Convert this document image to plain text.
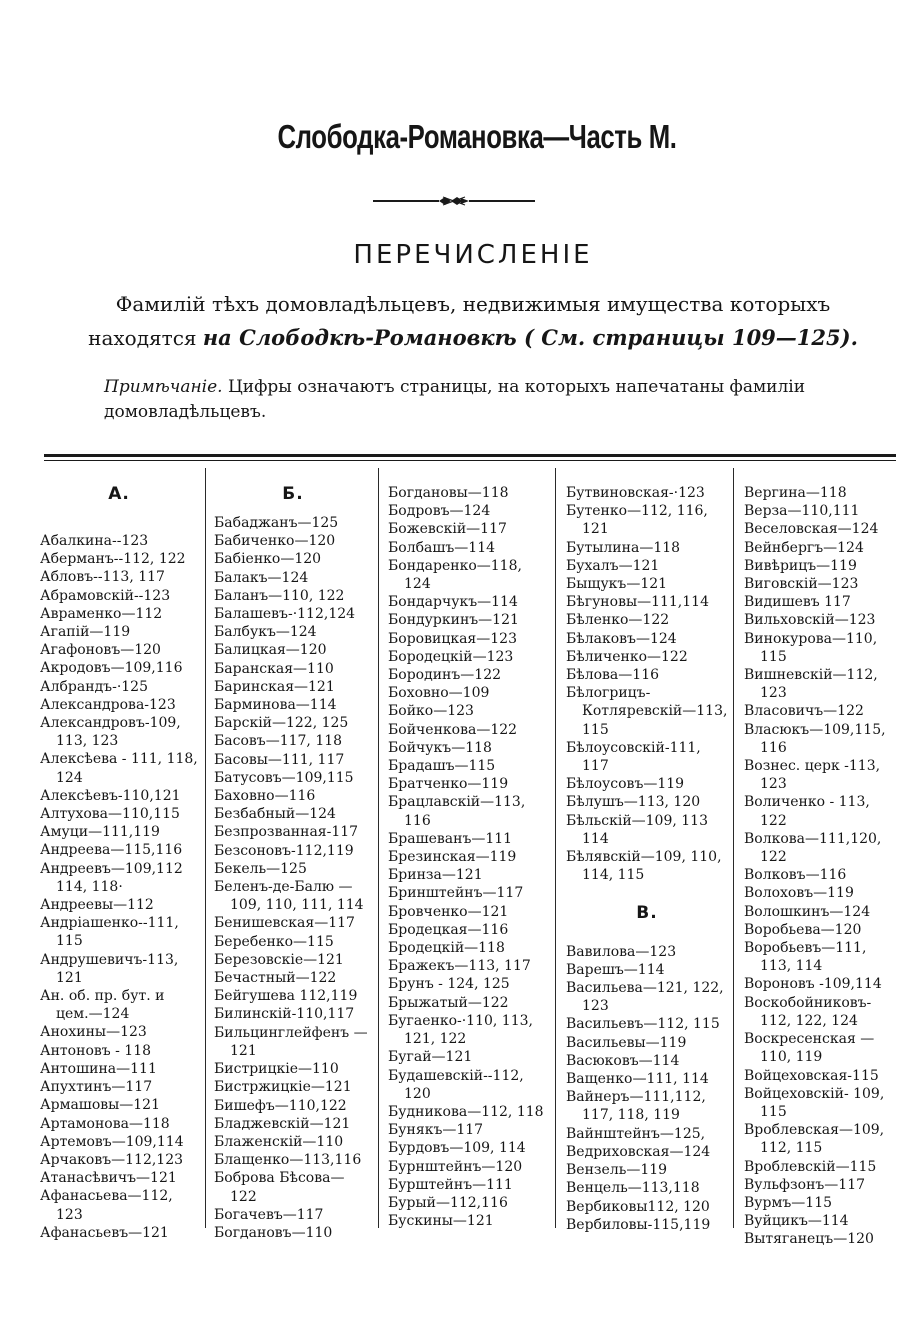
Слободка-Романовка—Часть М.
ПЕРЕЧИСЛЕНІЕ
Фамилій тѣхъ домовладѣльцевъ, недвижимыя имущества которыхъ
находятся на Слободкѣ-Романовкѣ ( См. страницы 109—125).
Примѣчаніе. Цифры означаютъ страницы, на которыхъ напечатаны фамиліи домовладѣльцевъ.
А.
Абалкина--123
Аберманъ--112, 122
Абловъ--113, 117
Абрамовскій--123
Авраменко—112
Агапій—119
Агафоновъ—120
Акродовъ—109,116
Албрандъ-·125
Александрова-123
Александровъ-109, 113, 123
Алексѣева - 111, 118, 124
Алексѣевъ-110,121
Алтухова—110,115
Амуци—111,119
Андреева—115,116
Андреевъ—109,112 114, 118·
Андреевы—112
Андріашенко--111, 115
Андрушевичъ-113, 121
Ан. об. пр. бут. и цем.—124
Анохины—123
Антоновъ - 118
Антошина—111
Апухтинъ—117
Армашовы—121
Артамонова—118
Артемовъ—109,114
Арчаковъ—112,123
Атанасѣвичъ—121
Афанасьева—112, 123
Афанасьевъ—121
Б.
Бабаджанъ—125
Бабиченко—120
Бабіенко—120
Балакъ—124
Баланъ—110, 122
Балашевъ-·112,124
Балбукъ—124
Балицкая—120
Баранская—110
Баринская—121
Барминова—114
Барскій—122, 125
Басовъ—117, 118
Басовы—111, 117
Батусовъ—109,115
Баховно—116
Безбабный—124
Безпрозванная-117
Безсоновъ-112,119
Бекель—125
Беленъ-де-Балю — 109, 110, 111, 114
Бенишевская—117
Беребенко—115
Березовскіе—121
Бечастный—122
Бейгушева 112,119
Билинскій-110,117
Бильцинглейфенъ —121
Бистрицкіе—110
Бистржицкіе—121
Бишефъ—110,122
Бладжевскій—121
Блаженскій—110
Блащенко—113,116
Боброва Бѣсова— 122
Богачевъ—117
Богдановъ—110
Богдановы—118
Бодровъ—124
Божевскій—117
Болбашъ—114
Бондаренко—118, 124
Бондарчукъ—114
Бондуркинъ—121
Боровицкая—123
Бородецкій—123
Бородинъ—122
Боховно—109
Бойко—123
Бойченкова—122
Бойчукъ—118
Брадашъ—115
Братченко—119
Брацлавскій—113, 116
Брашеванъ—111
Брезинская—119
Бринза—121
Бринштейнъ—117
Бровченко—121
Бродецкая—116
Бродецкій—118
Бражекъ—113, 117
Брунъ - 124, 125
Брыжатый—122
Бугаенко-·110, 113, 121, 122
Бугай—121
Будашевскій--112, 120
Будникова—112, 118
Бунякъ—117
Бурдовъ—109, 114
Бурнштейнъ—120
Бурштейнъ—111
Бурый—112,116
Бускины—121
Бутвиновская-·123
Бутенко—112, 116, 121
Бутылина—118
Бухалъ—121
Быщукъ—121
Бѣгуновы—111,114
Бѣленко—122
Бѣлаковъ—124
Бѣличенко—122
Бѣлова—116
Бѣлогрицъ-Котляревскій—113, 115
Бѣлоусовскій-111, 117
Бѣлоусовъ—119
Бѣлушъ—113, 120
Бѣльскій—109, 113 114
Бѣлявскій—109, 110, 114, 115
В.
Вавилова—123
Варешъ—114
Васильева—121, 122, 123
Васильевъ—112, 115
Васильевы—119
Васюковъ—114
Ващенко—111, 114
Вайнеръ—111,112, 117, 118, 119
Вайнштейнъ—125,
Ведриховская—124
Вензель—119
Венцель—113,118
Вербиковы112, 120
Вербиловы-115,119
Вергина—118
Верза—110,111
Веселовская—124
Вейнбергъ—124
Вивѣрицъ—119
Виговскій—123
Видишевъ 117
Вильховскій—123
Винокурова—110, 115
Вишневскій—112, 123
Власовичъ—122
Власюкъ—109,115, 116
Вознес. церк -113, 123
Воличенко - 113, 122
Волкова—111,120, 122
Волковъ—116
Волоховъ—119
Волошкинъ—124
Воробьева—120
Воробьевъ—111, 113, 114
Вороновъ -109,114
Воскобойниковъ- 112, 122, 124
Воскресенская — 110, 119
Войцеховская-115
Войцеховскій- 109, 115
Вроблевская—109, 112, 115
Вроблевскій—115
Вульфзонъ—117
Вурмъ—115
Вуйцикъ—114
Вытяганецъ—120
